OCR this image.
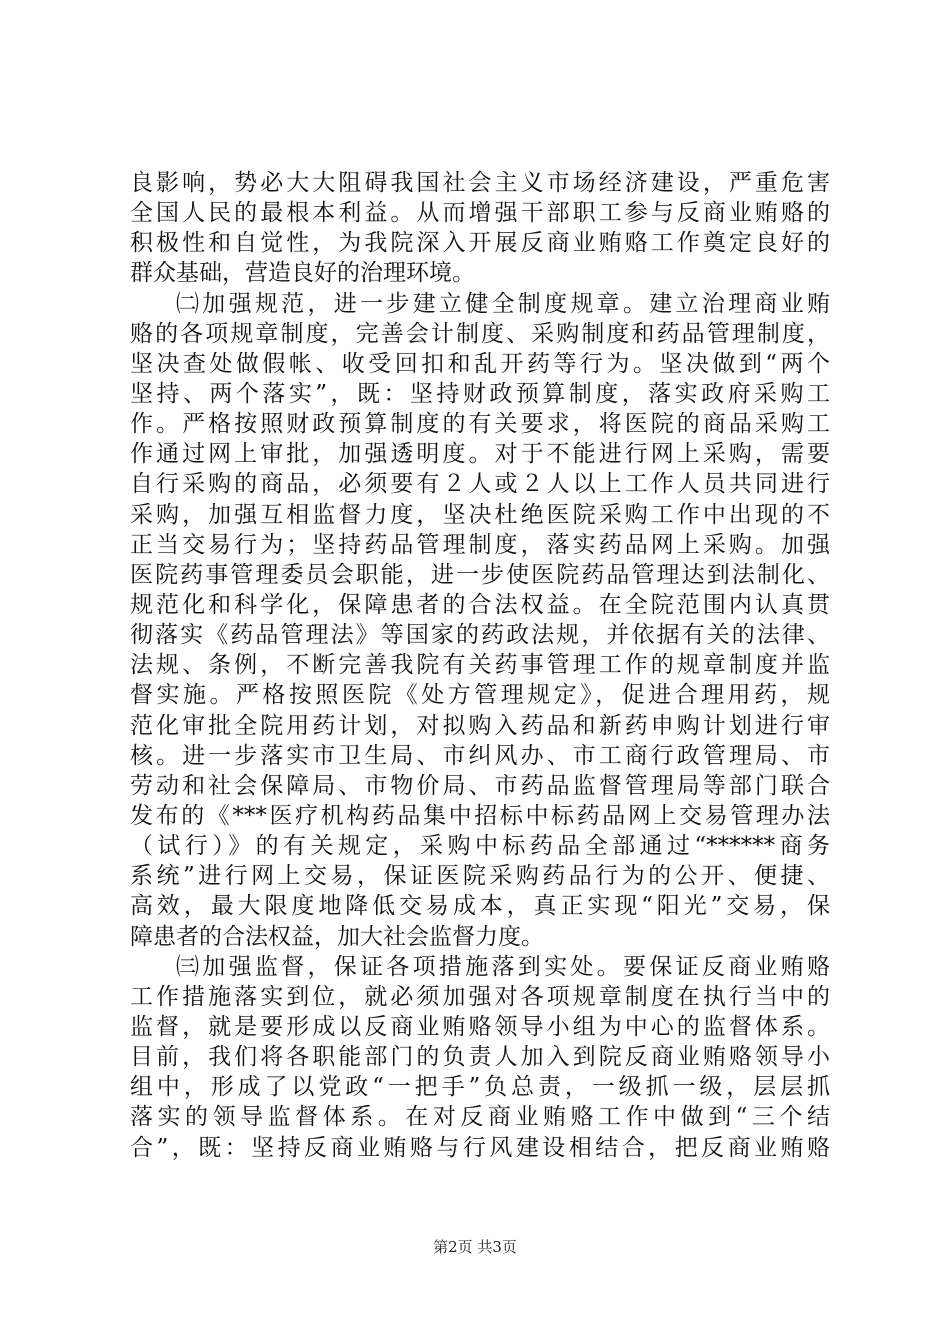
良影响，势必大大阻碍我国社会主义市场经济建设，严重危害
全国人民的最根本利益。从而增强干部职工参与反商业贿赂的
积极性和自觉性，为我院深入开展反商业贿赂工作奠定良好的
群众基础，营造良好的治理环境。
㈡加强规范，进一步建立健全制度规章。建立治理商业贿
赂的各项规章制度，完善会计制度、采购制度和药品管理制度，
坚决查处做假帐、收受回扣和乱开药等行为。坚决做到“两个
坚持、两个落实”，既：坚持财政预算制度，落实政府采购工
作。严格按照财政预算制度的有关要求，将医院的商品采购工
作通过网上审批，加强透明度。对于不能进行网上采购，需要
自行采购的商品，必须要有２人或２人以上工作人员共同进行
采购，加强互相监督力度，坚决杜绝医院采购工作中出现的不
正当交易行为；坚持药品管理制度，落实药品网上采购。加强
医院药事管理委员会职能，进一步使医院药品管理达到法制化、
规范化和科学化，保障患者的合法权益。在全院范围内认真贯
彻落实《药品管理法》等国家的药政法规，并依据有关的法律、
法规、条例，不断完善我院有关药事管理工作的规章制度并监
督实施。严格按照医院《处方管理规定》，促进合理用药，规
范化审批全院用药计划，对拟购入药品和新药申购计划进行审
核。进一步落实市卫生局、市纠风办、市工商行政管理局、市
劳动和社会保障局、市物价局、市药品监督管理局等部门联合
发布的《***医疗机构药品集中招标中标药品网上交易管理办法
（试行）》的有关规定，采购中标药品全部通过“******商务
系统”进行网上交易，保证医院采购药品行为的公开、便捷、
高效，最大限度地降低交易成本，真正实现“阳光”交易，保
障患者的合法权益，加大社会监督力度。
㈢加强监督，保证各项措施落到实处。要保证反商业贿赂
工作措施落实到位，就必须加强对各项规章制度在执行当中的
监督，就是要形成以反商业贿赂领导小组为中心的监督体系。
目前，我们将各职能部门的负责人加入到院反商业贿赂领导小
组中，形成了以党政“一把手”负总责，一级抓一级，层层抓
落实的领导监督体系。在对反商业贿赂工作中做到“三个结
合”，既：坚持反商业贿赂与行风建设相结合，把反商业贿赂
第2页 共3页
